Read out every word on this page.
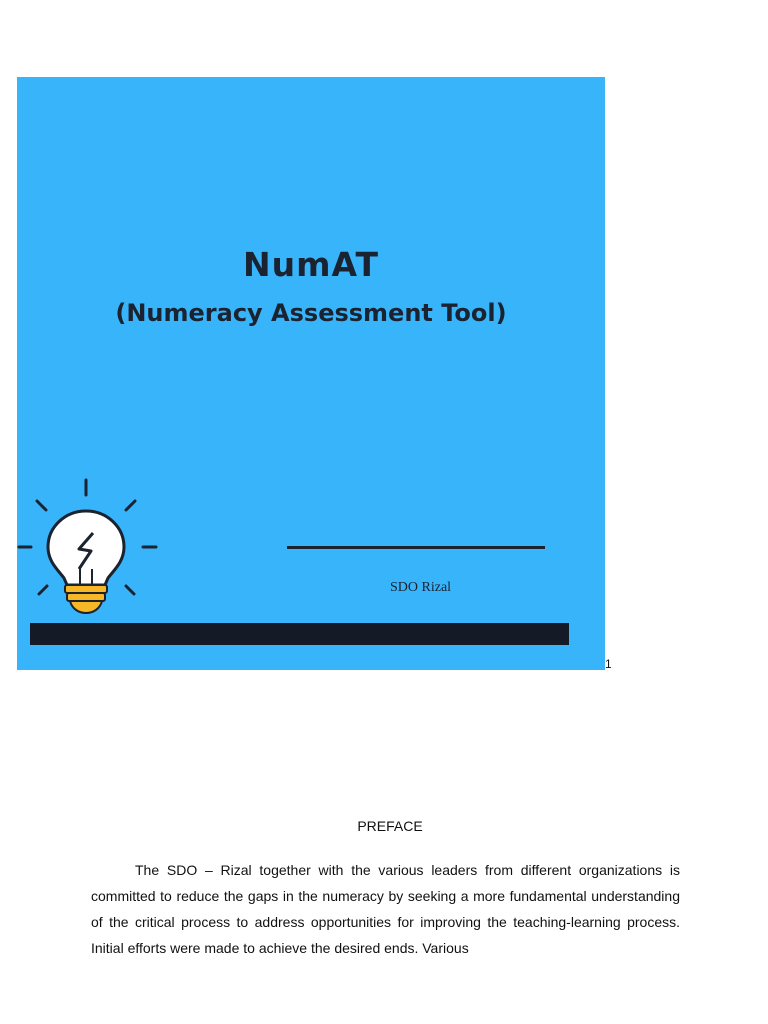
NumAT
(Numeracy Assessment Tool)
SDO Rizal
1
PREFACE

The SDO – Rizal together with the various leaders from different organizations is committed to reduce the gaps in the numeracy by seeking a more fundamental understanding of the critical process to address opportunities for improving the teaching-learning process. Initial efforts were made to achieve the desired ends. Various
